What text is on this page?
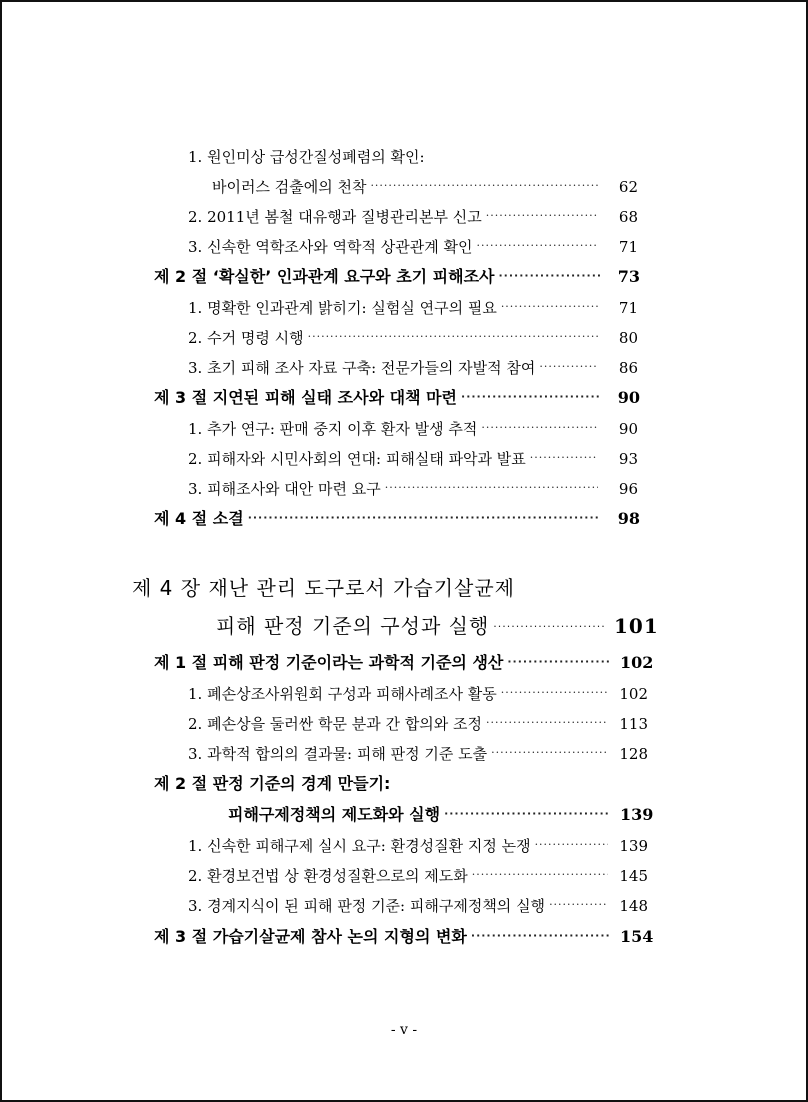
1. 원인미상 급성간질성폐렴의 확인:
바이러스 검출에의 천착 ·····	62
2. 2011년 봄철 대유행과 질병관리본부 신고 ·····	68
3. 신속한 역학조사와 역학적 상관관계 확인 ·····	71
제 2 절 ‘확실한’ 인과관계 요구와 초기 피해조사 ·····	73
1. 명확한 인과관계 밝히기: 실험실 연구의 필요 ·····	71
2. 수거 명령 시행 ·····	80
3. 초기 피해 조사 자료 구축: 전문가들의 자발적 참여 ·····	86
제 3 절 지연된 피해 실태 조사와 대책 마련 ·····	90
1. 추가 연구: 판매 중지 이후 환자 발생 추적 ·····	90
2. 피해자와 시민사회의 연대: 피해실태 파악과 발표 ·····	93
3. 피해조사와 대안 마련 요구 ·····	96
제 4 절 소결 ·····	98
제 4 장 재난 관리 도구로서 가습기살균제
피해 판정 기준의 구성과 실행 ·····	101
제 1 절 피해 판정 기준이라는 과학적 기준의 생산 ·····	102
1. 폐손상조사위원회 구성과 피해사례조사 활동 ·····	102
2. 폐손상을 둘러싼 학문 분과 간 합의와 조정 ·····	113
3. 과학적 합의의 결과물: 피해 판정 기준 도출 ·····	128
제 2 절 판정 기준의 경계 만들기:
피해구제정책의 제도화와 실행 ·····	139
1. 신속한 피해구제 실시 요구: 환경성질환 지정 논쟁 ·····	139
2. 환경보건법 상 환경성질환으로의 제도화 ·····	145
3. 경계지식이 된 피해 판정 기준: 피해구제정책의 실행 ·····	148
제 3 절 가습기살균제 참사 논의 지형의 변화 ·····	154
- v -
